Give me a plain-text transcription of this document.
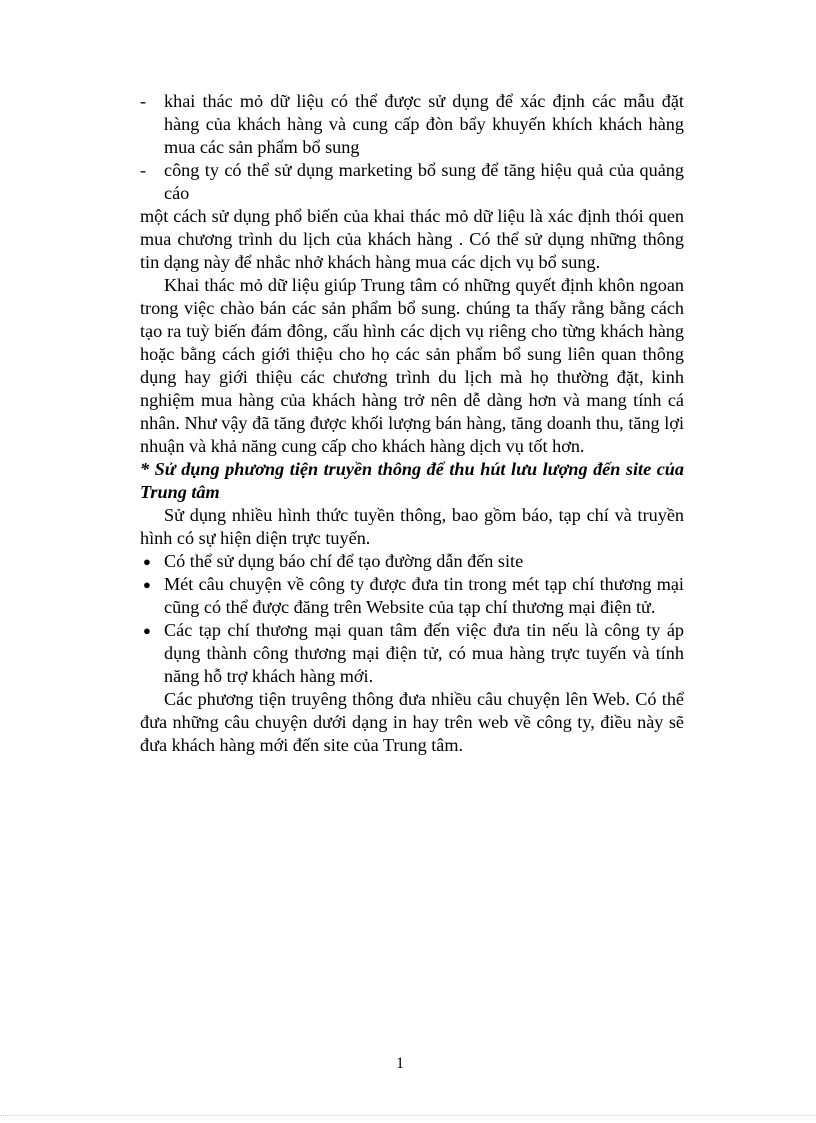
- khai thác mỏ dữ liệu có thể được sử dụng để xác định các mẫu đặt hàng của khách hàng và cung cấp đòn bẩy khuyến khích khách hàng mua các sản phẩm bổ sung
- công ty có thể sử dụng marketing bổ sung để tăng hiệu quả của quảng cáo

một cách sử dụng phổ biến của khai thác mỏ dữ liệu là xác định thói quen mua chương trình du lịch của khách hàng . Có thể sử dụng những thông tin dạng này để nhắc nhở khách hàng mua các dịch vụ bổ sung.

Khai thác mỏ dữ liệu giúp Trung tâm có những quyết định khôn ngoan trong việc chào bán các sản phẩm bổ sung. chúng ta thấy rằng bằng cách tạo ra tuỳ biến đám đông, cấu hình các dịch vụ riêng cho từng khách hàng hoặc bằng cách giới thiệu cho họ các sản phẩm bổ sung liên quan thông dụng hay giới thiệu các chương trình du lịch mà họ thường đặt, kinh nghiệm mua hàng của khách hàng trở nên dễ dàng hơn và mang tính cá nhân. Như vậy đã tăng được khối lượng bán hàng, tăng doanh thu, tăng lợi nhuận và khả năng cung cấp cho khách hàng dịch vụ tốt hơn.

* Sử dụng phương tiện truyền thông để thu hút lưu lượng đến site của Trung tâm

Sử dụng nhiều hình thức tuyền thông, bao gồm báo, tạp chí và truyền hình có sự hiện diện trực tuyến.

● Có thể sử dụng báo chí để tạo đường dẫn đến site
● Mét câu chuyện về công ty được đưa tin trong mét tạp chí thương mại cũng có thể được đăng trên Website của tạp chí thương mại điện tử.
● Các tạp chí thương mại quan tâm đến việc đưa tin nếu là công ty áp dụng thành công thương mại điện tử, có mua hàng trực tuyến và tính năng hỗ trợ khách hàng mới.

Các phương tiện truyêng thông đưa nhiều câu chuyện lên Web. Có thể đưa những câu chuyện dưới dạng in hay trên web về công ty, điều này sẽ đưa khách hàng mới đến site của Trung tâm.

1
